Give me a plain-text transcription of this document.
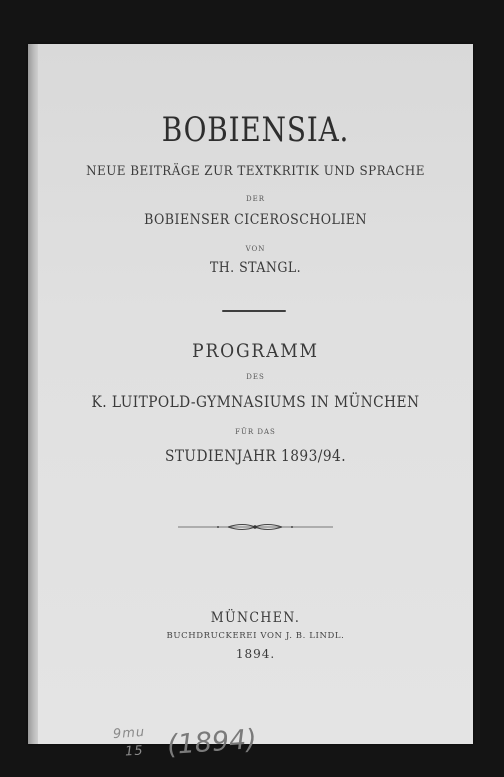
BOBIENSIA.
NEUE BEITRÄGE ZUR TEXTKRITIK UND SPRACHE
DER
BOBIENSER CICEROSCHOLIEN
VON
TH. STANGL.
PROGRAMM
DES
K. LUITPOLD-GYMNASIUMS IN MÜNCHEN
FÜR DAS
STUDIENJAHR 1893/94.
MÜNCHEN.
BUCHDRUCKEREI VON J. B. LINDL.
1894.
9mu
15 (1894)
